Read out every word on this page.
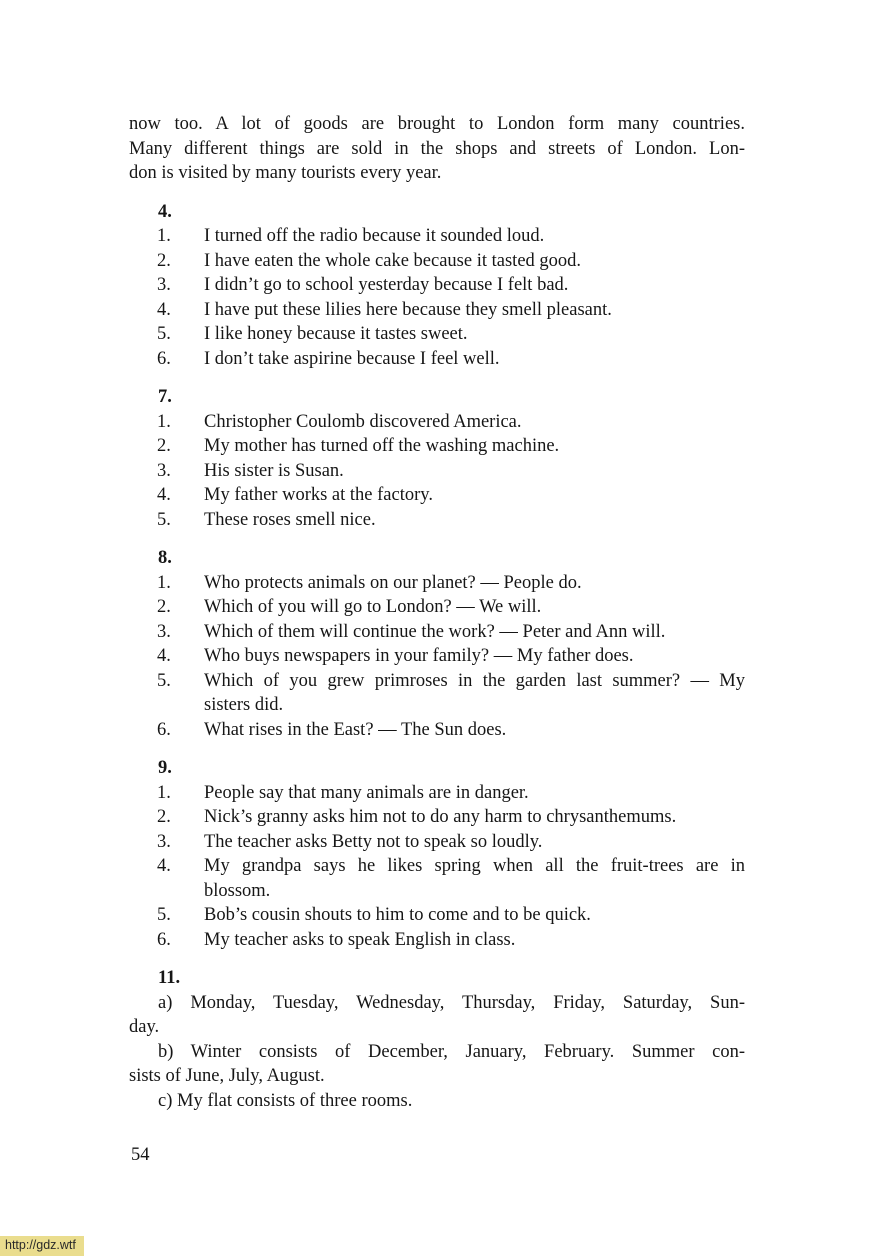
now too. A lot of goods are brought to London form many countries.
Many different things are sold in the shops and streets of London. Lon-
don is visited by many tourists every year.
4.
1. I turned off the radio because it sounded loud.
2. I have eaten the whole cake because it tasted good.
3. I didn’t go to school yesterday because I felt bad.
4. I have put these lilies here because they smell pleasant.
5. I like honey because it tastes sweet.
6. I don’t take aspirine because I feel well.
7.
1. Christopher Coulomb discovered America.
2. My mother has turned off the washing machine.
3. His sister is Susan.
4. My father works at the factory.
5. These roses smell nice.
8.
1. Who protects animals on our planet? — People do.
2. Which of you will go to London? — We will.
3. Which of them will continue the work? — Peter and Ann will.
4. Who buys newspapers in your family? — My father does.
5. Which of you grew primroses in the garden last summer? — My
sisters did.
6. What rises in the East? — The Sun does.
9.
1. People say that many animals are in danger.
2. Nick’s granny asks him not to do any harm to chrysanthemums.
3. The teacher asks Betty not to speak so loudly.
4. My grandpa says he likes spring when all the fruit-trees are in
blossom.
5. Bob’s cousin shouts to him to come and to be quick.
6. My teacher asks to speak English in class.
11.
a) Monday, Tuesday, Wednesday, Thursday, Friday, Saturday, Sun-
day.
b) Winter consists of December, January, February. Summer con-
sists of June, July, August.
c) My flat consists of three rooms.
54
http://gdz.wtf
